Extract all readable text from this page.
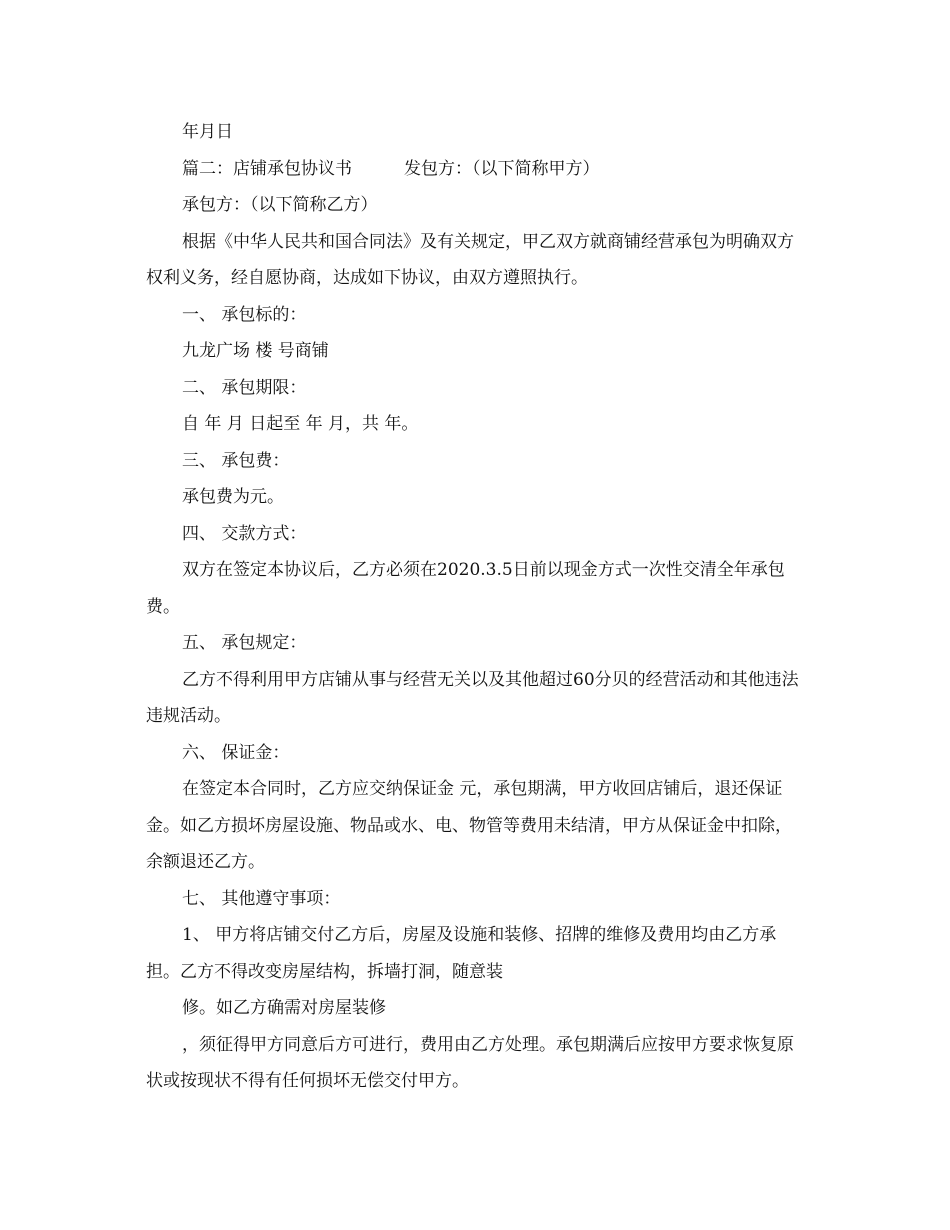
年月日

篇二：店铺承包协议书	发包方：（以下简称甲方）

承包方：（以下简称乙方）

根据《中华人民共和国合同法》及有关规定，甲乙双方就商铺经营承包为明确双方权利义务，经自愿协商，达成如下协议，由双方遵照执行。

一、 承包标的：

九龙广场 楼 号商铺

二、 承包期限：

自 年 月 日起至 年 月，共 年。

三、 承包费：

承包费为元。

四、 交款方式：

双方在签定本协议后，乙方必须在2020.3.5日前以现金方式一次性交清全年承包费。

五、 承包规定：

乙方不得利用甲方店铺从事与经营无关以及其他超过60分贝的经营活动和其他违法违规活动。

六、 保证金：

在签定本合同时，乙方应交纳保证金 元，承包期满，甲方收回店铺后，退还保证金。如乙方损坏房屋设施、物品或水、电、物管等费用未结清，甲方从保证金中扣除，余额退还乙方。

七、 其他遵守事项：

1、 甲方将店铺交付乙方后，房屋及设施和装修、招牌的维修及费用均由乙方承担。乙方不得改变房屋结构，拆墙打洞，随意装

修。如乙方确需对房屋装修

，须征得甲方同意后方可进行，费用由乙方处理。承包期满后应按甲方要求恢复原状或按现状不得有任何损坏无偿交付甲方。
